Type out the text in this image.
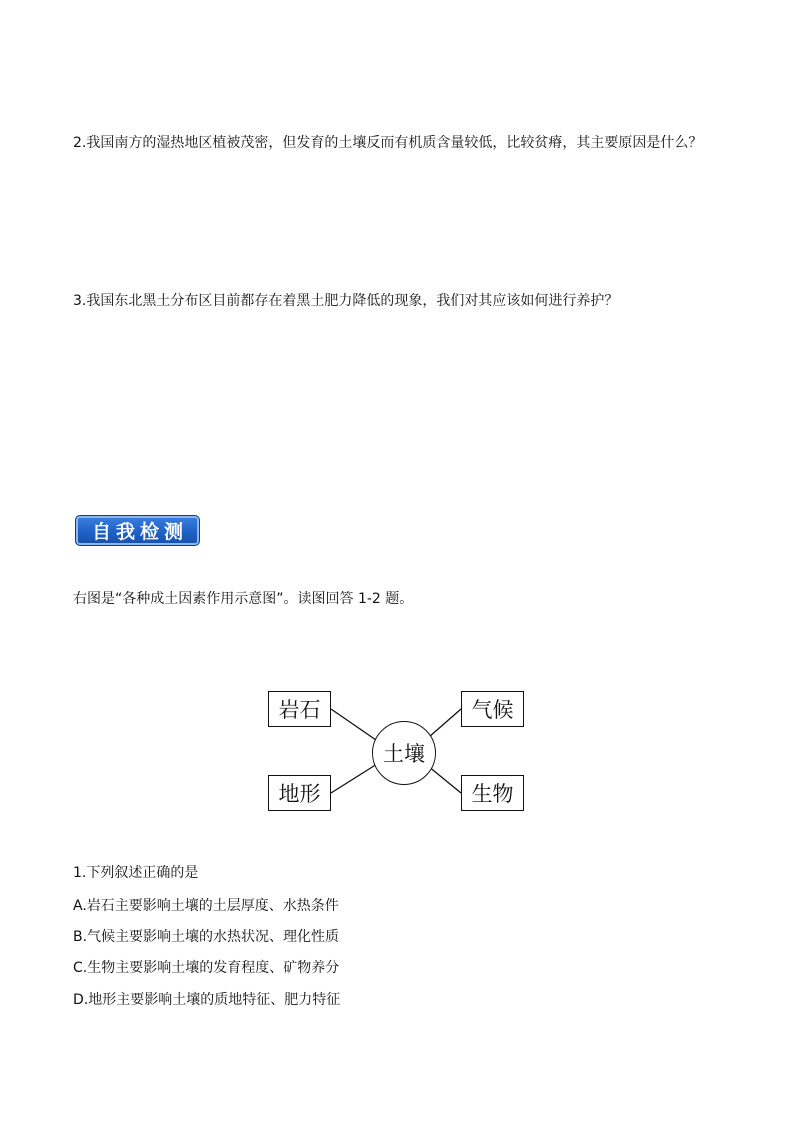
2.我国南方的湿热地区植被茂密，但发育的土壤反而有机质含量较低，比较贫瘠，其主要原因是什么？
3.我国东北黑土分布区目前都存在着黑土肥力降低的现象，我们对其应该如何进行养护？
自我检测
右图是“各种成土因素作用示意图”。读图回答 1-2 题。
岩石	气候
地形	生物
土壤
1.下列叙述正确的是
A.岩石主要影响土壤的土层厚度、水热条件
B.气候主要影响土壤的水热状况、理化性质
C.生物主要影响土壤的发育程度、矿物养分
D.地形主要影响土壤的质地特征、肥力特征
